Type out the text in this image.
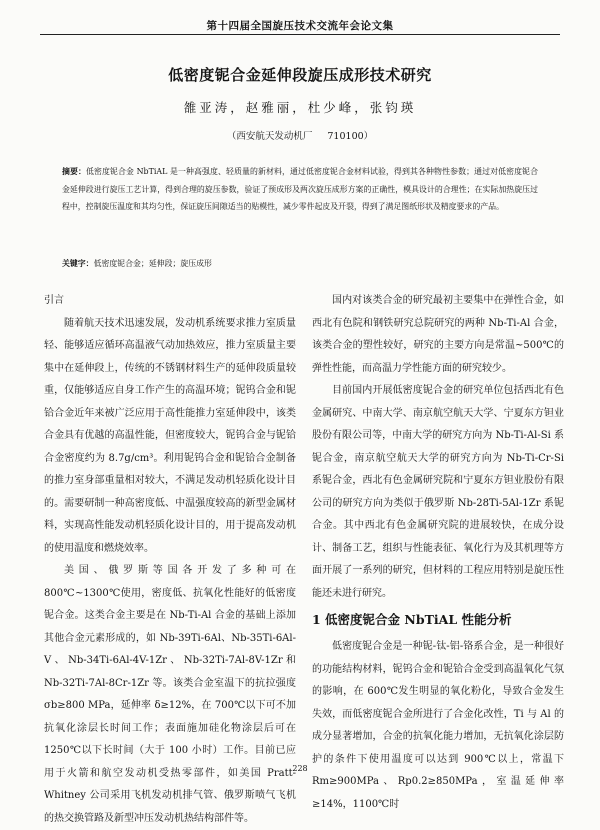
第十四届全国旋压技术交流年会论文集
低密度铌合金延伸段旋压成形技术研究
雒亚涛，赵雅丽，杜少峰，张钧瑛
（西安航天发动机厂 710100）
摘要：低密度铌合金 NbTiAL 是一种高强度、轻质量的新材料，通过低密度铌合金材料试验，得到其各种物性参数；通过对低密度铌合金延伸段进行旋压工艺计算，得到合理的旋压参数，验证了预成形及两次旋压成形方案的正确性，模具设计的合理性；在实际加热旋压过程中，控制旋压温度和其均匀性，保证旋压间隙适当的贴模性，减少零件起皮及开裂，得到了满足图纸形状及精度要求的产品。
关键字：低密度铌合金；延伸段；旋压成形

引言

随着航天技术迅速发展，发动机系统要求推力室质量轻、能够适应循环高温液气动加热效应，推力室质量主要集中在延伸段上，传统的不锈钢材料生产的延伸段质量较重，仅能够适应自身工作产生的高温环境；铌钨合金和铌铪合金近年来被广泛应用于高性能推力室延伸段中，该类合金具有优越的高温性能，但密度较大，铌钨合金与铌铪合金密度约为 8.7g/cm³。利用铌钨合金和铌铪合金制备的推力室身部重量相对较大，不满足发动机轻质化设计目的。需要研制一种高密度低、中温强度较高的新型金属材料，实现高性能发动机轻质化设计目的，用于提高发动机的使用温度和燃烧效率。

美国、俄罗斯等国各开发了多种可在 800℃~1300℃使用，密度低、抗氧化性能好的低密度铌合金。这类合金主要是在 Nb-Ti-Al 合金的基础上添加其他合金元素形成的，如 Nb-39Ti-6Al、Nb-35Ti-6Al-V 、 Nb-34Ti-6Al-4V-1Zr 、 Nb-32Ti-7Al-8V-1Zr 和 Nb-32Ti-7Al-8Cr-1Zr 等。该类合金室温下的抗拉强度 σb≥800 MPa，延伸率 δ≥12%，在 700℃以下可不加抗氧化涂层长时间工作；表面施加硅化物涂层后可在 1250℃以下长时间（大于 100 小时）工作。目前已应用于火箭和航空发动机受热零部件，如美国 Pratt-Whitney 公司采用飞机发动机排气管、俄罗斯喷气飞机的热交换管路及新型冲压发动机热结构部件等。

国内对该类合金的研究最初主要集中在弹性合金，如西北有色院和钢铁研究总院研究的两种 Nb-Ti-Al 合金，该类合金的塑性较好，研究的主要方向是常温~500℃的弹性性能，而高温力学性能方面的研究较少。

目前国内开展低密度铌合金的研究单位包括西北有色金属研究、中南大学、南京航空航天大学、宁夏东方钽业股份有限公司等，中南大学的研究方向为 Nb-Ti-Al-Si 系铌合金，南京航空航天大学的研究方向为 Nb-Ti-Cr-Si 系铌合金，西北有色金属研究院和宁夏东方钽业股份有限公司的研究方向为类似于俄罗斯 Nb-28Ti-5Al-1Zr 系铌合金。其中西北有色金属研究院的进展较快，在成分设计、制备工艺，组织与性能表征、氧化行为及其机理等方面开展了一系列的研究，但材料的工程应用特别是旋压性能还未进行研究。

1 低密度铌合金 NbTiAL 性能分析

低密度铌合金是一种铌-钛-铝-铬系合金，是一种很好的功能结构材料，铌钨合金和铌铪合金受到高温氧化气氛的影响，在 600℃发生明显的氧化粉化，导致合金发生失效，而低密度铌合金所进行了合金化改性，Ti 与 Al 的成分显著增加，合金的抗氧化能力增加，无抗氧化涂层防护的条件下使用温度可以达到 900℃以上，常温下 Rm≥900MPa、Rp0.2≥850MPa，室温延伸率≥14%，1100℃时

228
